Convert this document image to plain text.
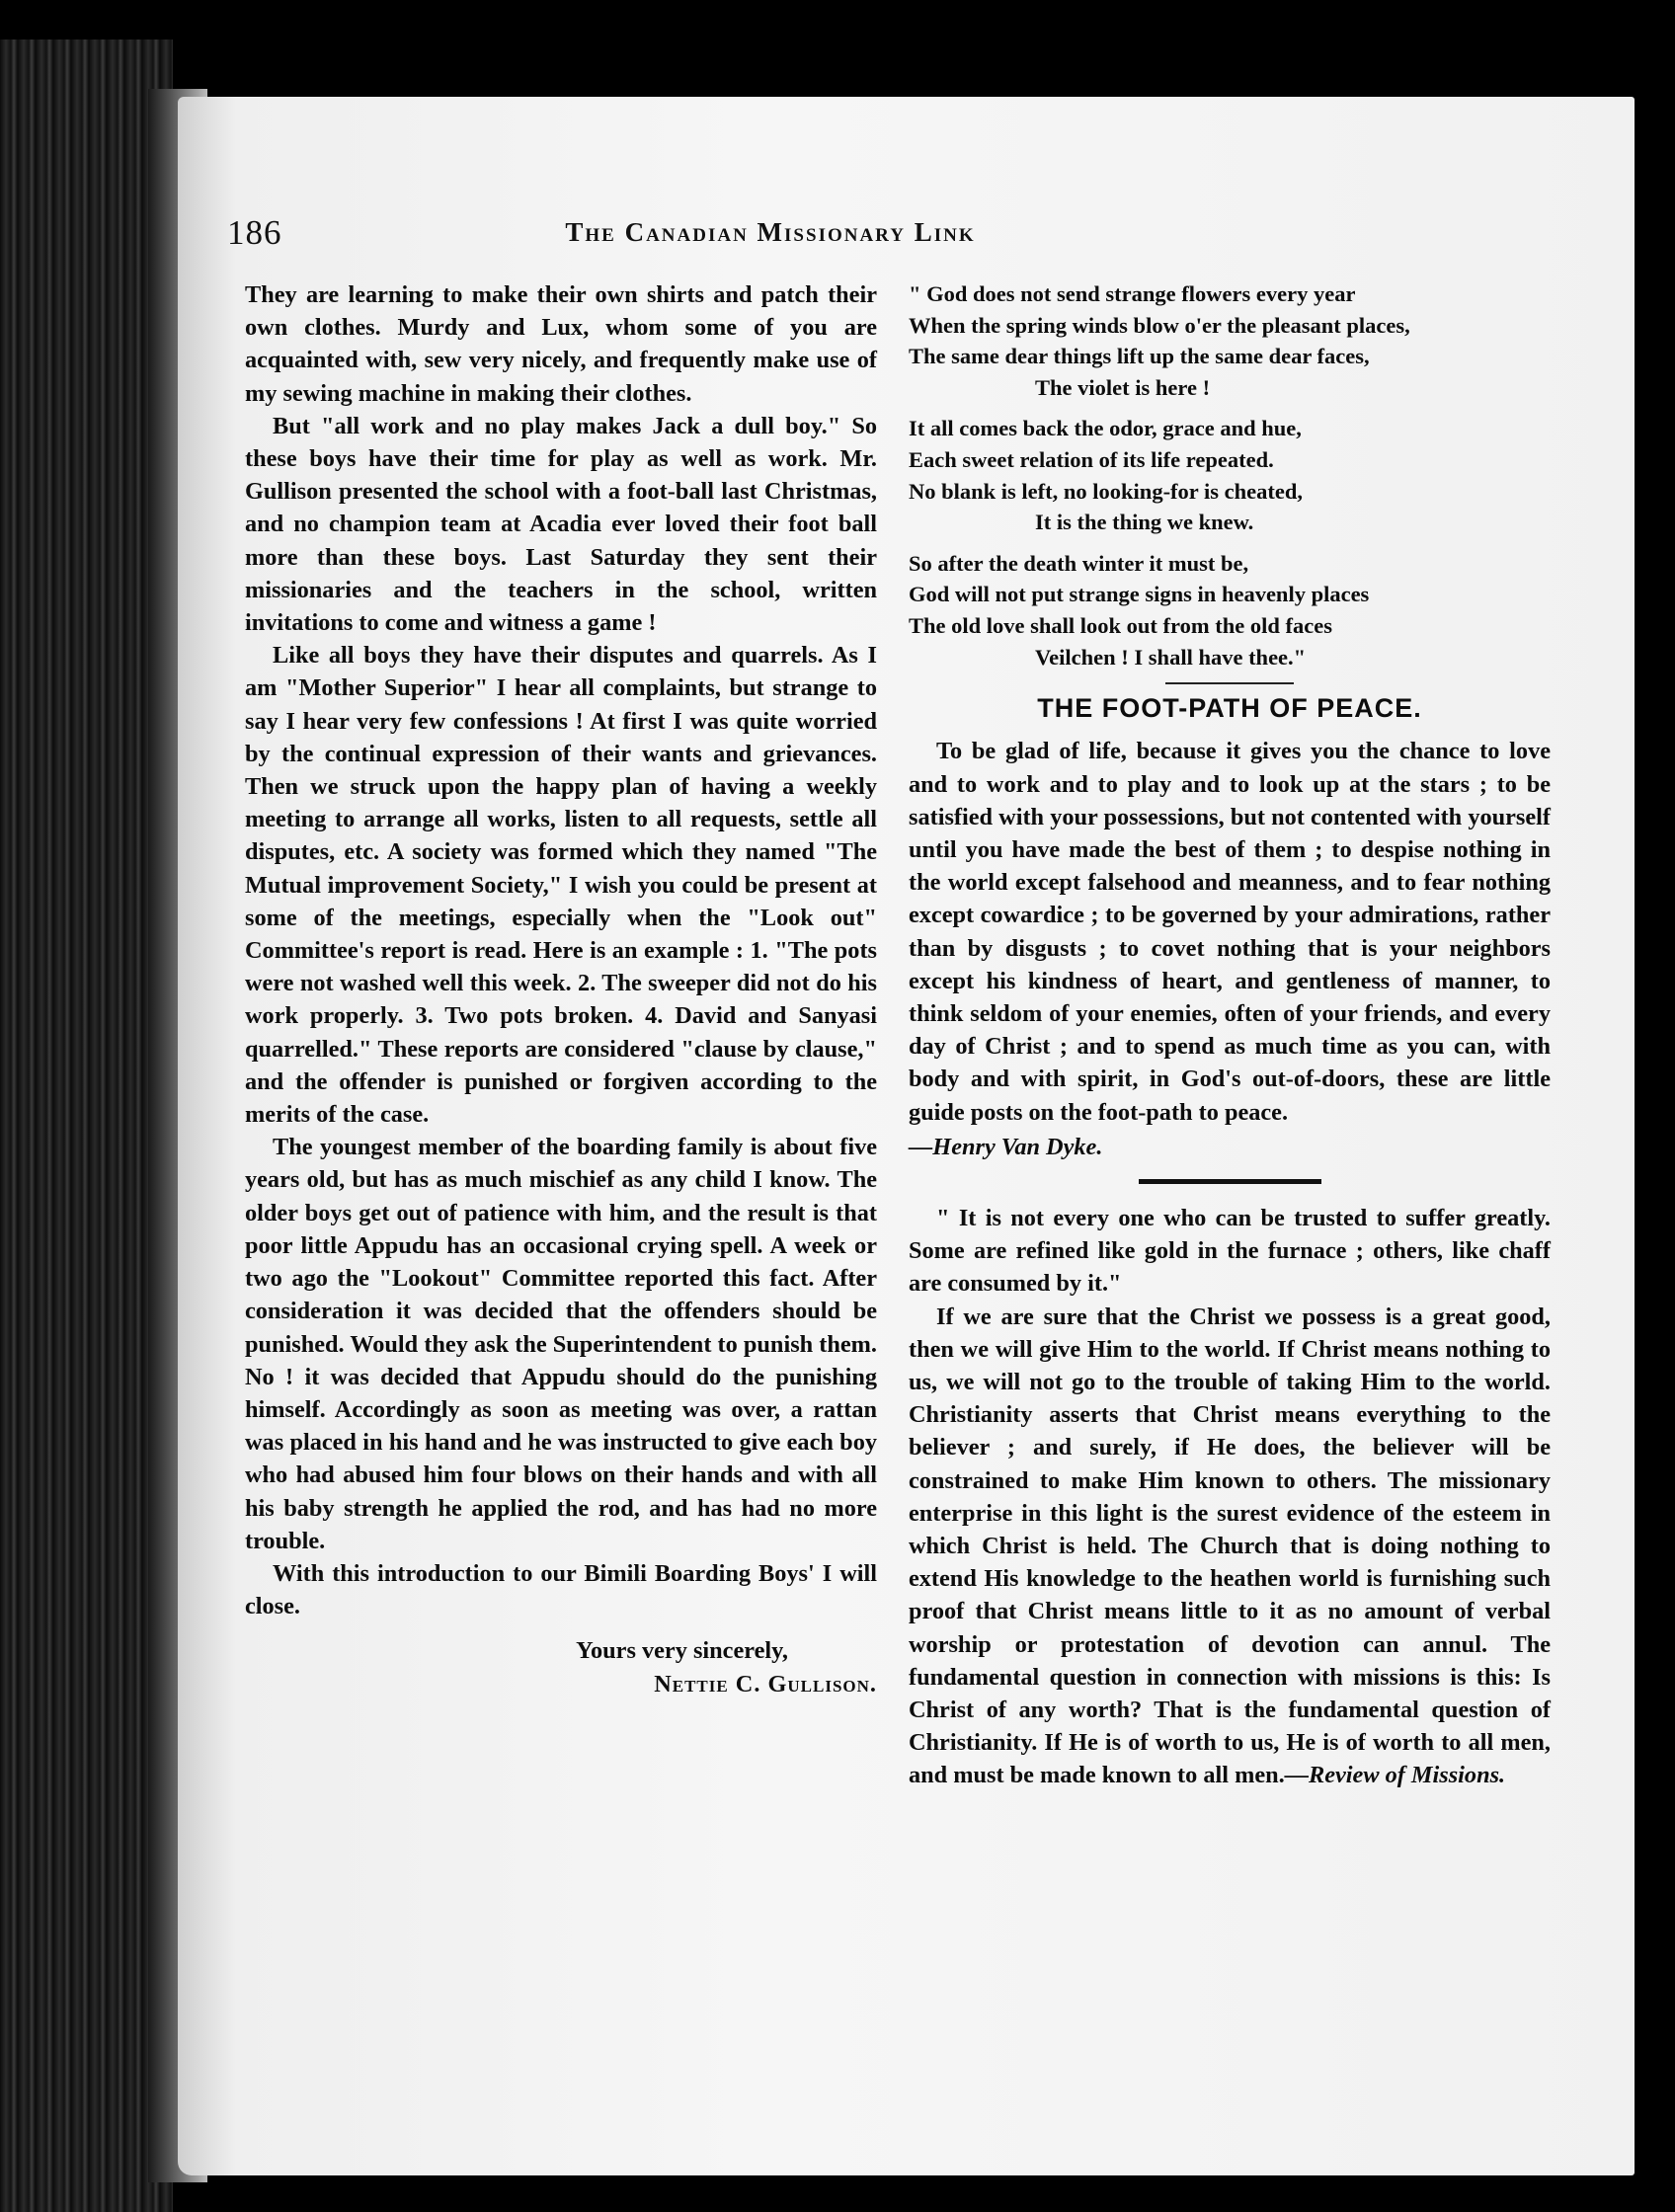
186	The Canadian Missionary Link

They are learning to make their own shirts and patch their own clothes. Murdy and Lux, whom some of you are acquainted with, sew very nicely, and frequently make use of my sewing machine in making their clothes.

But "all work and no play makes Jack a dull boy." So these boys have their time for play as well as work. Mr. Gullison presented the school with a foot-ball last Christmas, and no champion team at Acadia ever loved their foot ball more than these boys. Last Saturday they sent their missionaries and the teachers in the school, written invitations to come and witness a game !

Like all boys they have their disputes and quarrels. As I am "Mother Superior" I hear all complaints, but strange to say I hear very few confessions ! At first I was quite worried by the continual expression of their wants and grievances. Then we struck upon the happy plan of having a weekly meeting to arrange all works, listen to all requests, settle all disputes, etc. A society was formed which they named "The Mutual improvement Society," I wish you could be present at some of the meetings, especially when the "Look out" Committee's report is read. Here is an example : 1. "The pots were not washed well this week. 2. The sweeper did not do his work properly. 3. Two pots broken. 4. David and Sanyasi quarrelled." These reports are considered "clause by clause," and the offender is punished or forgiven according to the merits of the case.

The youngest member of the boarding family is about five years old, but has as much mischief as any child I know. The older boys get out of patience with him, and the result is that poor little Appudu has an occasional crying spell. A week or two ago the "Lookout" Committee reported this fact. After consideration it was decided that the offenders should be punished. Would they ask the Superintendent to punish them. No ! it was decided that Appudu should do the punishing himself. Accordingly as soon as meeting was over, a rattan was placed in his hand and he was instructed to give each boy who had abused him four blows on their hands and with all his baby strength he applied the rod, and has had no more trouble.

With this introduction to our Bimili Boarding Boys' I will close.

Yours very sincerely,

Nettie C. Gullison.

" God does not send strange flowers every year
When the spring winds blow o'er the pleasant places,
The same dear things lift up the same dear faces,
The violet is here !
It all comes back the odor, grace and hue,
Each sweet relation of its life repeated.
No blank is left, no looking-for is cheated,
It is the thing we knew.
So after the death winter it must be,
God will not put strange signs in heavenly places
The old love shall look out from the old faces
Veilchen ! I shall have thee."
THE FOOT-PATH OF PEACE.

To be glad of life, because it gives you the chance to love and to work and to play and to look up at the stars ; to be satisfied with your possessions, but not contented with yourself until you have made the best of them ; to despise nothing in the world except falsehood and meanness, and to fear nothing except cowardice ; to be governed by your admirations, rather than by disgusts ; to covet nothing that is your neighbors except his kindness of heart, and gentleness of manner, to think seldom of your enemies, often of your friends, and every day of Christ ; and to spend as much time as you can, with body and with spirit, in God's out-of-doors, these are little guide posts on the foot-path to peace.

—Henry Van Dyke.

" It is not every one who can be trusted to suffer greatly. Some are refined like gold in the furnace ; others, like chaff are consumed by it."

If we are sure that the Christ we possess is a great good, then we will give Him to the world. If Christ means nothing to us, we will not go to the trouble of taking Him to the world. Christianity asserts that Christ means everything to the believer ; and surely, if He does, the believer will be constrained to make Him known to others. The missionary enterprise in this light is the surest evidence of the esteem in which Christ is held. The Church that is doing nothing to extend His knowledge to the heathen world is furnishing such proof that Christ means little to it as no amount of verbal worship or protestation of devotion can annul. The fundamental question in connection with missions is this: Is Christ of any worth? That is the fundamental question of Christianity. If He is of worth to us, He is of worth to all men, and must be made known to all men.—Review of Missions.
